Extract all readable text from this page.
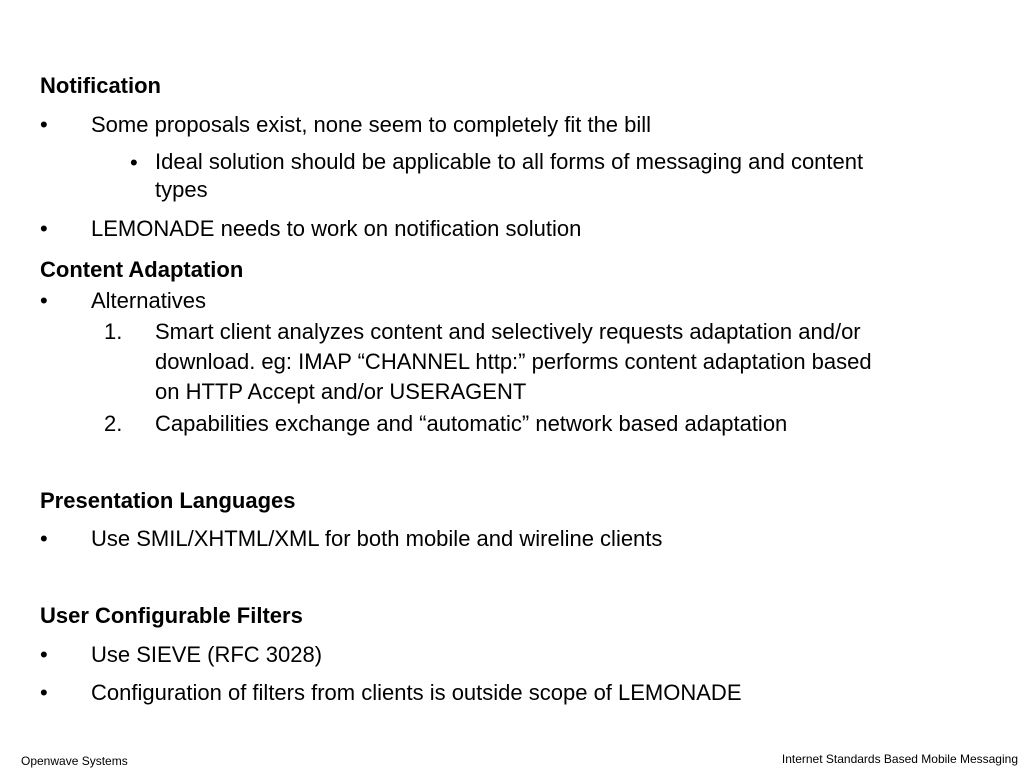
Notification
• Some proposals exist, none seem to completely fit the bill
• Ideal solution should be applicable to all forms of messaging and content
types
• LEMONADE needs to work on notification solution
Content Adaptation
• Alternatives
1. Smart client analyzes content and selectively requests adaptation and/or
download. eg: IMAP “CHANNEL http:” performs content adaptation based
on HTTP Accept and/or USERAGENT
2. Capabilities exchange and “automatic” network based adaptation
Presentation Languages
• Use SMIL/XHTML/XML for both mobile and wireline clients
User Configurable Filters
• Use SIEVE (RFC 3028)
• Configuration of filters from clients is outside scope of LEMONADE
Openwave Systems	Internet Standards Based Mobile Messaging
